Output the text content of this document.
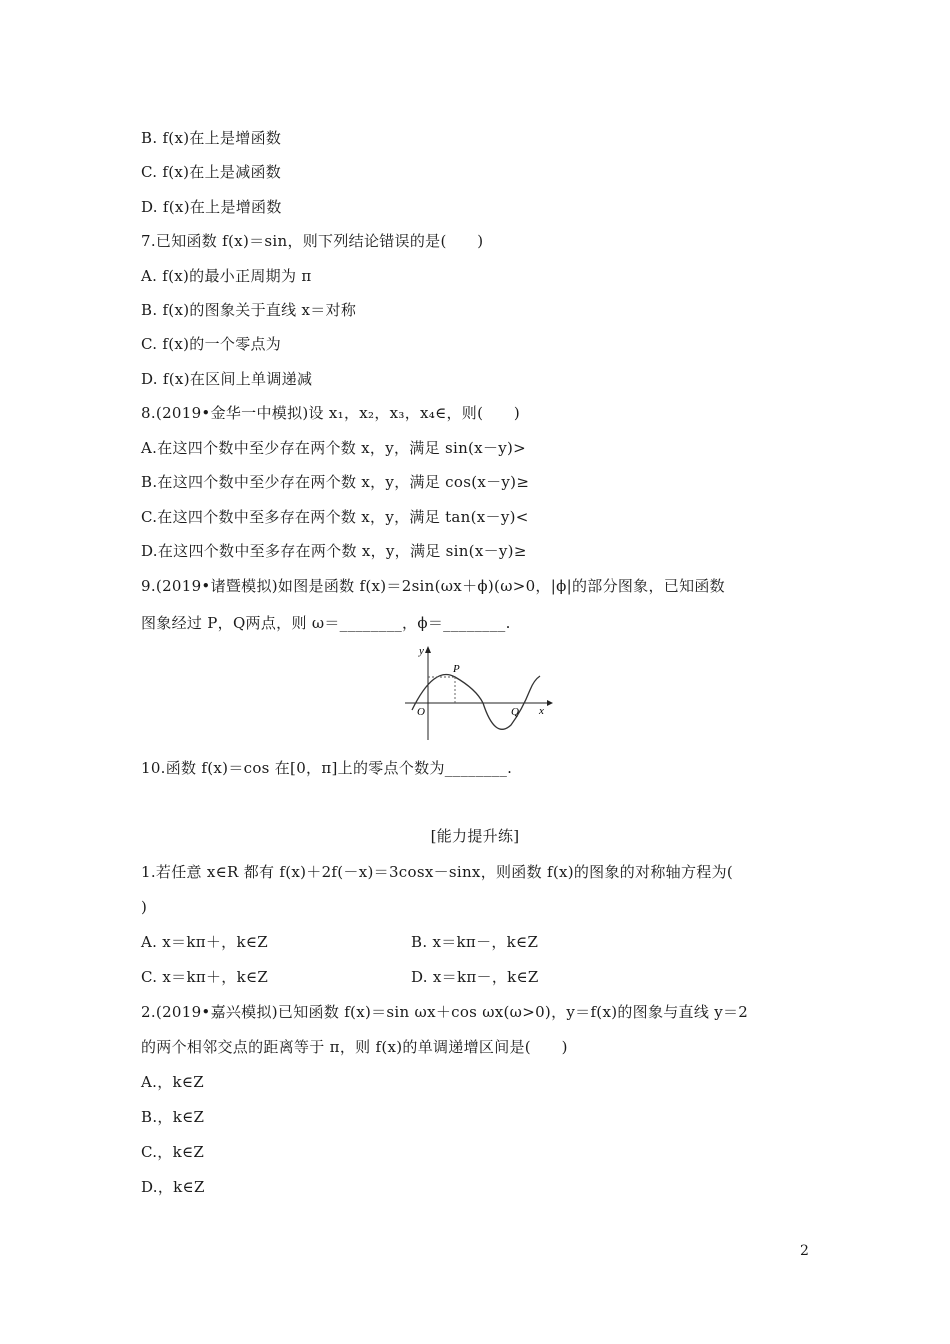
B. f(x)在上是增函数
C. f(x)在上是减函数
D. f(x)在上是增函数
7.已知函数 f(x)＝sin，则下列结论错误的是(　　)
A. f(x)的最小正周期为 π
B. f(x)的图象关于直线 x＝对称
C. f(x)的一个零点为
D. f(x)在区间上单调递减
8.(2019•金华一中模拟)设 x₁，x₂，x₃，x₄∈，则(　　)
A.在这四个数中至少存在两个数 x，y，满足 sin(x－y)>
B.在这四个数中至少存在两个数 x，y，满足 cos(x－y)≥
C.在这四个数中至多存在两个数 x，y，满足 tan(x－y)<
D.在这四个数中至多存在两个数 x，y，满足 sin(x－y)≥
9.(2019•诸暨模拟)如图是函数 f(x)＝2sin(ωx＋ϕ)(ω>0，|ϕ|的部分图象，已知函数
图象经过 P，Q两点，则 ω＝________，ϕ＝________.
y
x
O
P
Q
10.函数 f(x)＝cos 在[0，π]上的零点个数为________.
[能力提升练]
1.若任意 x∈R 都有 f(x)＋2f(－x)＝3cosx－sinx，则函数 f(x)的图象的对称轴方程为(
)
A. x＝kπ＋，k∈Z	B. x＝kπ－，k∈Z
C. x＝kπ＋，k∈Z	D. x＝kπ－，k∈Z
2.(2019•嘉兴模拟)已知函数 f(x)＝sin ωx＋cos ωx(ω>0)，y＝f(x)的图象与直线 y＝2
的两个相邻交点的距离等于 π，则 f(x)的单调递增区间是(　　)
A.，k∈Z
B.，k∈Z
C.，k∈Z
D.，k∈Z
2
